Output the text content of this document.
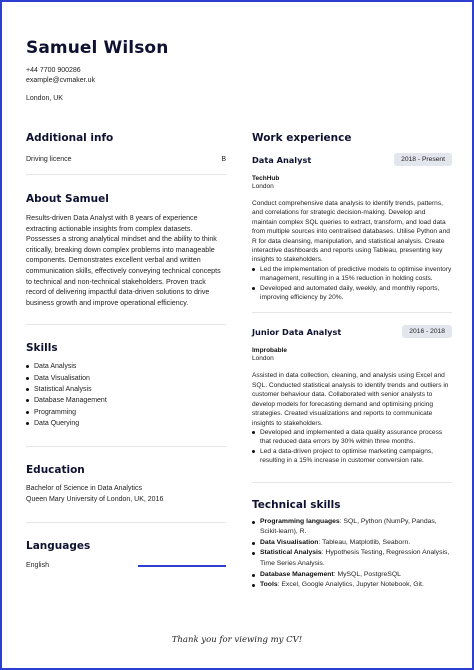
Samuel Wilson
+44 7700 900286
example@cvmaker.uk
London, UK
Additional info
Driving licence	B
About Samuel
Results-driven Data Analyst with 8 years of experience extracting actionable insights from complex datasets. Possesses a strong analytical mindset and the ability to think critically, breaking down complex problems into manageable components. Demonstrates excellent verbal and written communication skills, effectively conveying technical concepts to technical and non-technical stakeholders. Proven track record of delivering impactful data-driven solutions to drive business growth and improve operational efficiency.
Skills
Data Analysis
Data Visualisation
Statistical Analysis
Database Management
Programming
Data Querying
Education
Bachelor of Science in Data Analytics
Queen Mary University of London, UK, 2016
Languages
English
Work experience
Data Analyst	2018 - Present
TechHub
London
Conduct comprehensive data analysis to identify trends, patterns, and correlations for strategic decision-making. Develop and maintain complex SQL queries to extract, transform, and load data from multiple sources into centralised databases. Utilise Python and R for data cleansing, manipulation, and statistical analysis. Create interactive dashboards and reports using Tableau, presenting key insights to stakeholders.
Led the implementation of predictive models to optimise inventory management, resulting in a 15% reduction in holding costs.
Developed and automated daily, weekly, and monthly reports, improving efficiency by 20%.
Junior Data Analyst	2016 - 2018
Improbable
London
Assisted in data collection, cleaning, and analysis using Excel and SQL. Conducted statistical analysis to identify trends and outliers in customer behaviour data. Collaborated with senior analysts to develop models for forecasting demand and optimising pricing strategies. Created visualizations and reports to communicate insights to stakeholders.
Developed and implemented a data quality assurance process that reduced data errors by 30% within three months.
Led a data-driven project to optimise marketing campaigns, resulting in a 15% increase in customer conversion rate.
Technical skills
Programming languages: SQL, Python (NumPy, Pandas, Scikit-learn), R.
Data Visualisation: Tableau, Matplotlib, Seaborn.
Statistical Analysis: Hypothesis Testing, Regression Analysis, Time Series Analysis.
Database Management: MySQL, PostgreSQL
Tools: Excel, Google Analytics, Jupyter Notebook, Git.
Thank you for viewing my CV!
